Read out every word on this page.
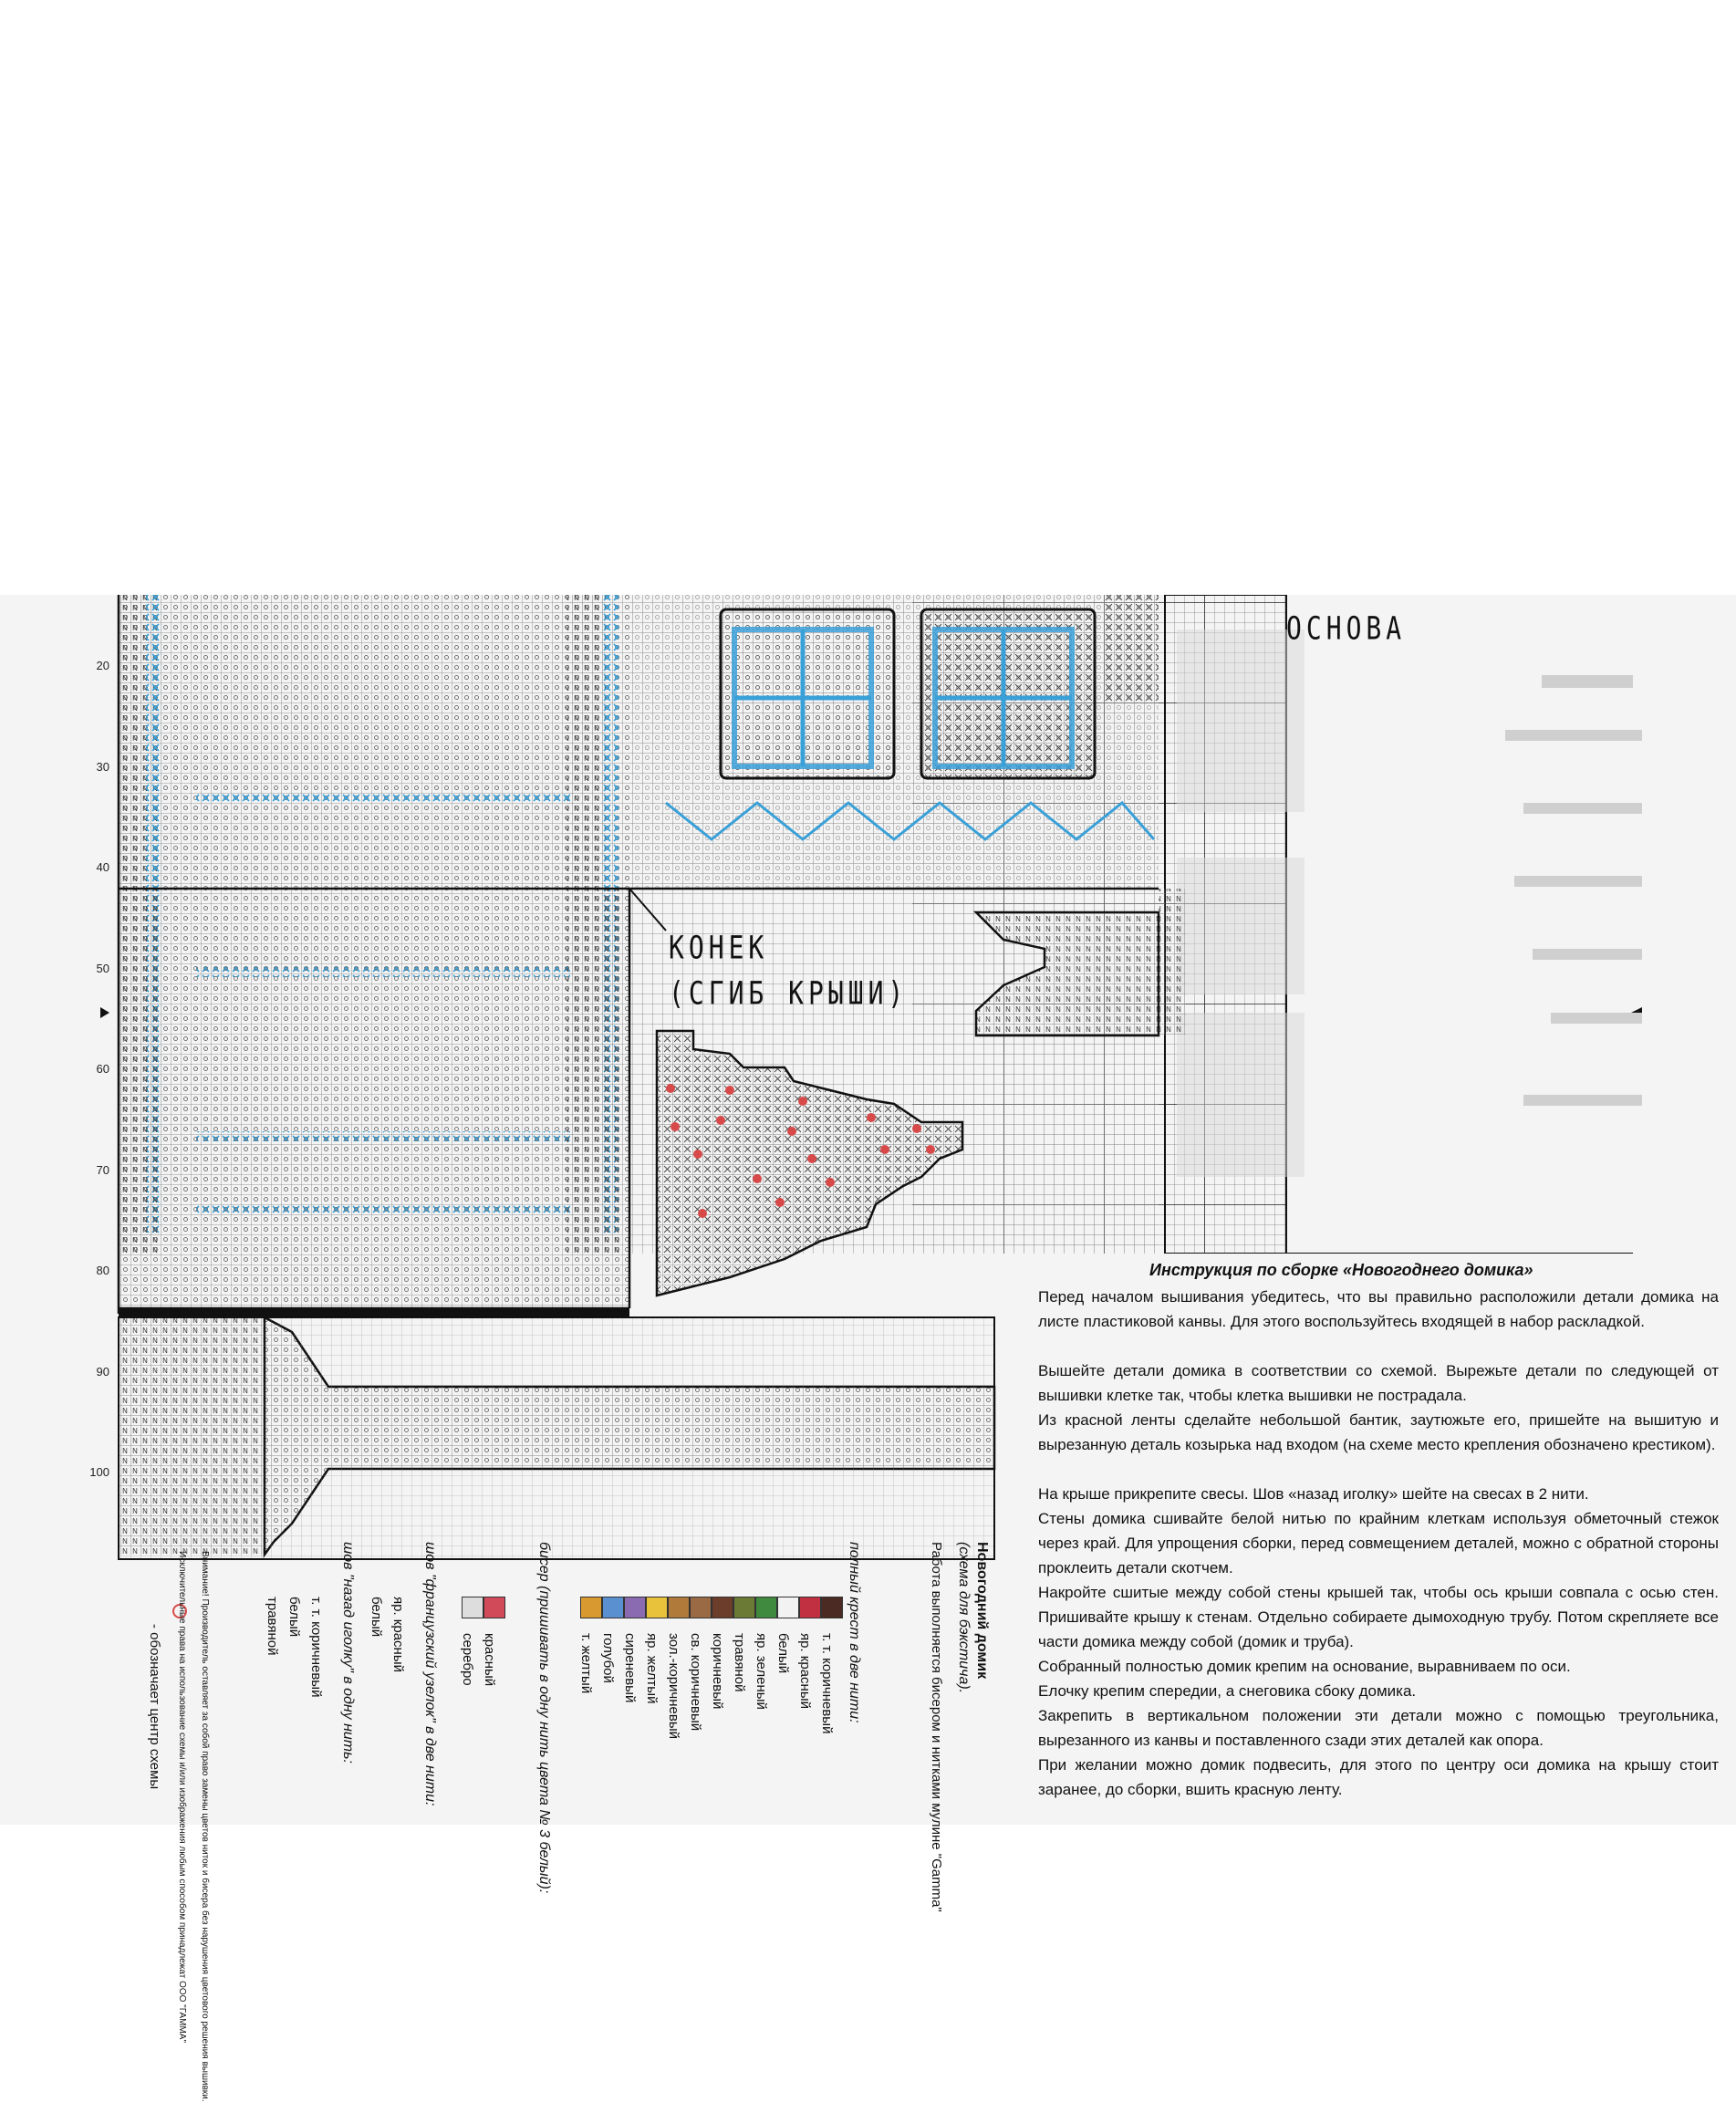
20
30
40
50
60
70
80
90
100
ОСНОВА
КОНЕК
(СГИБ КРЫШИ)
Инструкция по сборке «Новогоднего домика»

Перед началом вышивания убедитесь, что вы правильно расположили детали домика на листе пластиковой канвы. Для этого воспользуйтесь входящей в набор раскладкой.

Вышейте детали домика в соответствии со схемой. Вырежьте детали по следующей от вышивки клетке так, чтобы клетка вышивки не пострадала.

Из красной ленты сделайте небольшой бантик, заутюжьте его, пришейте на вышитую и вырезанную деталь козырька над входом (на схеме место крепления обозначено крестиком).

На крыше прикрепите свесы. Шов «назад иголку» шейте на свесах в 2 нити.

Стены домика сшивайте белой нитью по крайним клеткам используя обметочный стежок через край. Для упрощения сборки, перед совмещением деталей, можно с обратной стороны проклеить детали скотчем.

Накройте сшитые между собой стены крышей так, чтобы ось крыши совпала с осью стен. Пришивайте крышу к стенам. Отдельно собираете дымоходную трубу. Потом скрепляете все части домика между собой (домик и труба).

Собранный полностью домик крепим на основание, выравниваем по оси.

Елочку крепим спередии, а снеговика сбоку домика.

Закрепить в вертикальном положении эти детали можно с помощью треугольника, вырезанного из канвы и поставленного сзади этих деталей как опора.

При желании можно домик подвесить, для этого по центру оси домика на крышу стоит заранее, до сборки, вшить красную ленту.

Новогодний домик
(схема для бэкстича).
Работа выполняется бисером и нитками мулине "Gamma"
полный крест в две нити:
т. т. коричневый
яр. красный
белый
яр. зеленый
травяной
коричневый
св. коричневый
зол.-коричневый
яр. желтый
сиреневый
голубой
т. желтый
бисер (пришивать в одну нить цвета № 3 белый):
красный
серебро
шов "французский узелок" в две нити:
яр. красный
белый
шов "назад иголку" в одну нить:
т. т. коричневый
белый
травяной
Внимание! Производитель оставляет за собой право замены цветов ниток и бисера без нарушения цветового решения вышивки.
Исключительные права на использование схемы и/или изображения любым способом принадлежат ООО "ГАММА"
- обозначает центр схемы
